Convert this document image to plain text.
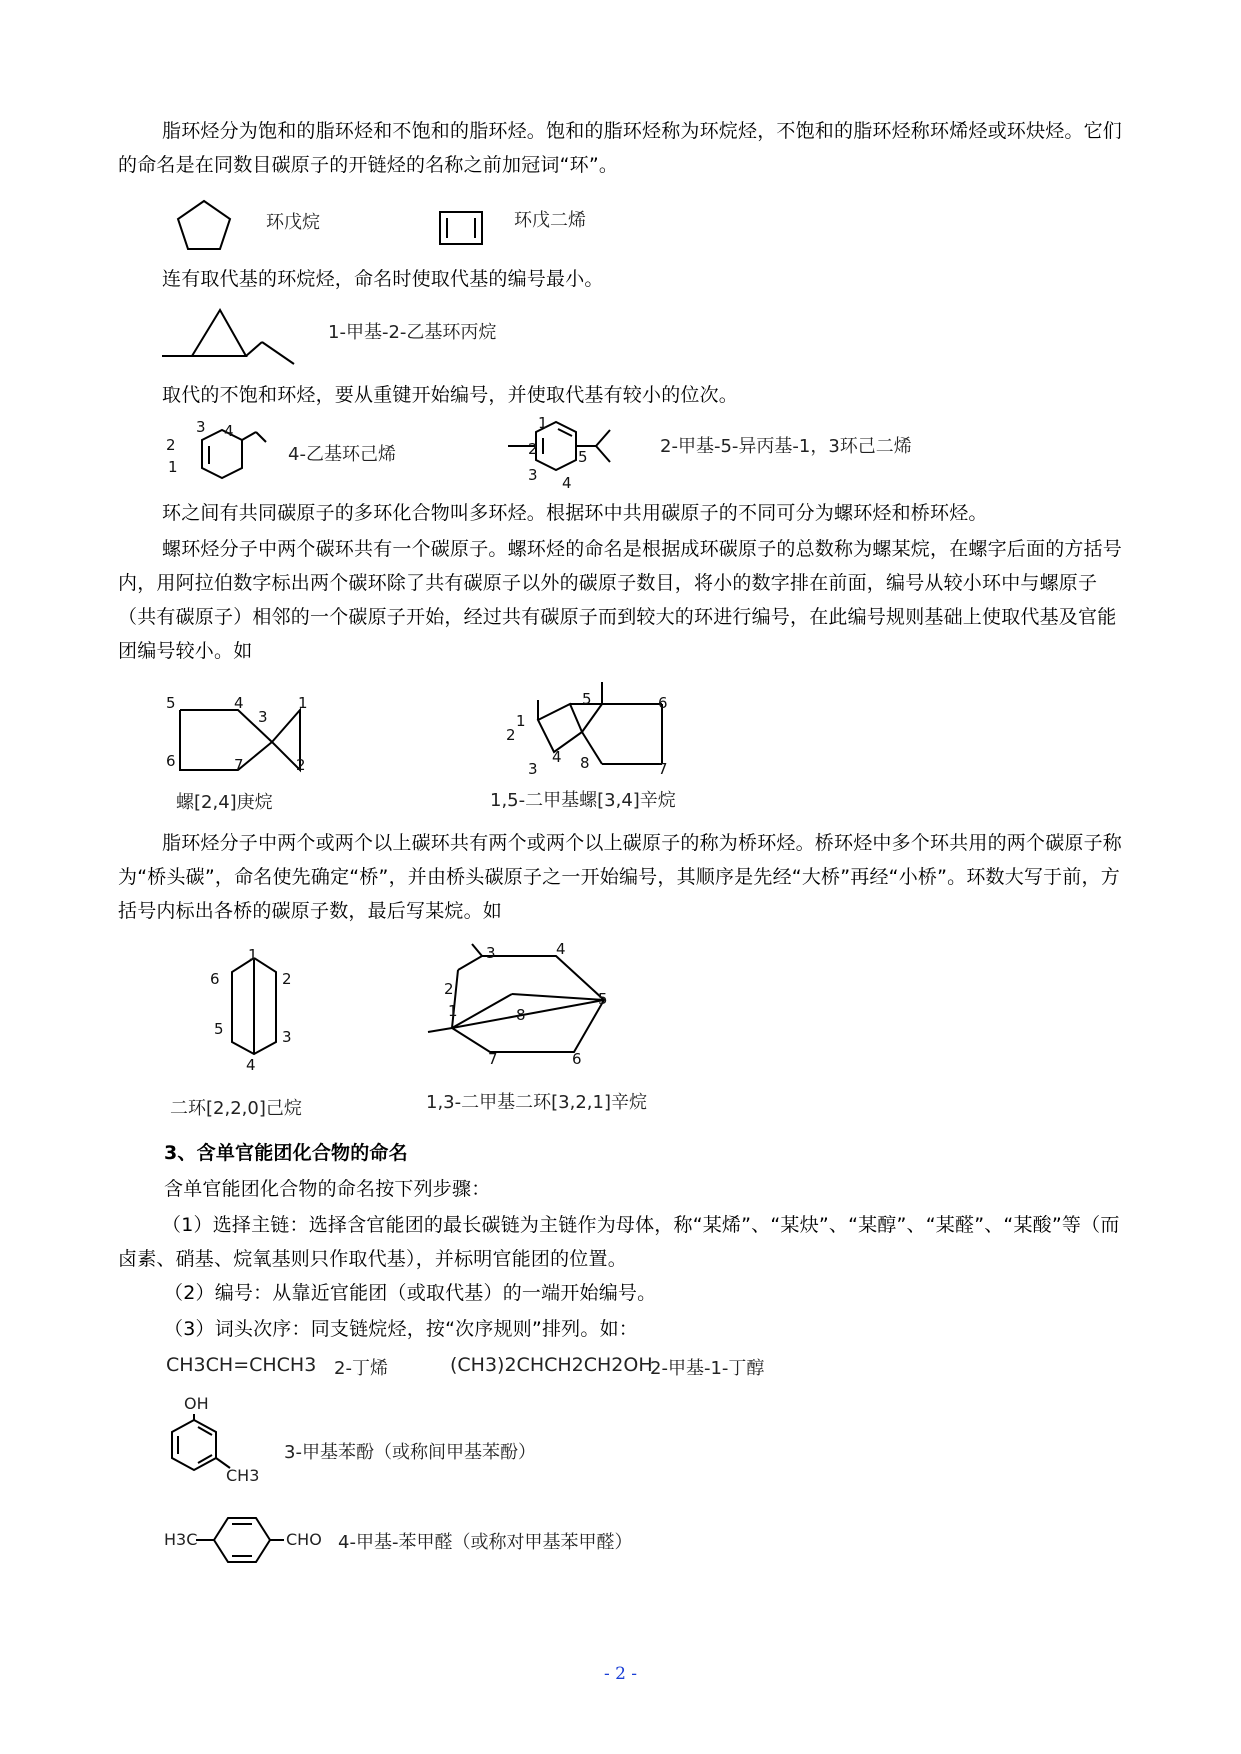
脂环烃分为饱和的脂环烃和不饱和的脂环烃。饱和的脂环烃称为环烷烃，不饱和的脂环烃称环烯烃或环炔烃。它们的命名是在同数目碳原子的开链烃的名称之前加冠词“环”。

环戊烷	环戊二烯

连有取代基的环烷烃，命名时使取代基的编号最小。

1-甲基-2-乙基环丙烷

取代的不饱和环烃，要从重键开始编号，并使取代基有较小的位次。

2
3 4
1
4-乙基环己烯
1
2
3 4
5	2-甲基-5-异丙基-1，3环己二烯

环之间有共同碳原子的多环化合物叫多环烃。根据环中共用碳原子的不同可分为螺环烃和桥环烃。

螺环烃分子中两个碳环共有一个碳原子。螺环烃的命名是根据成环碳原子的总数称为螺某烷，在螺字后面的方括号内，用阿拉伯数字标出两个碳环除了共有碳原子以外的碳原子数目，将小的数字排在前面，编号从较小环中与螺原子（共有碳原子）相邻的一个碳原子开始，经过共有碳原子而到较大的环进行编号，在此编号规则基础上使取代基及官能团编号较小。如

5	4
3
1
6	7	2
螺[2,4]庚烷
1
2
3
4
5	6
7
8
1,5-二甲基螺[3,4]辛烷

脂环烃分子中两个或两个以上碳环共有两个或两个以上碳原子的称为桥环烃。桥环烃中多个环共用的两个碳原子称为“桥头碳”，命名使先确定“桥”，并由桥头碳原子之一开始编号，其顺序是先经“大桥”再经“小桥”。环数大写于前，方括号内标出各桥的碳原子数，最后写某烷。如

1
2
3
4
5
6
二环[2,2,0]己烷
1
2
3	4
5
6
7
8
1,3-二甲基二环[3,2,1]辛烷

3、含单官能团化合物的命名

含单官能团化合物的命名按下列步骤：

（1）选择主链：选择含官能团的最长碳链为主链作为母体，称“某烯”、“某炔”、“某醇”、“某醛”、“某酸”等（而卤素、硝基、烷氧基则只作取代基），并标明官能团的位置。

（2）编号：从靠近官能团（或取代基）的一端开始编号。

（3）词头次序：同支链烷烃，按“次序规则”排列。如：

CH3CH=CHCH3 2-丁烯	(CH3)2CHCH2CH2OH
2-甲基-1-丁醇
OH
CH3
3-甲基苯酚（或称间甲基苯酚）
H3C	CHO 4-甲基-苯甲醛（或称对甲基苯甲醛）
- 2 -
